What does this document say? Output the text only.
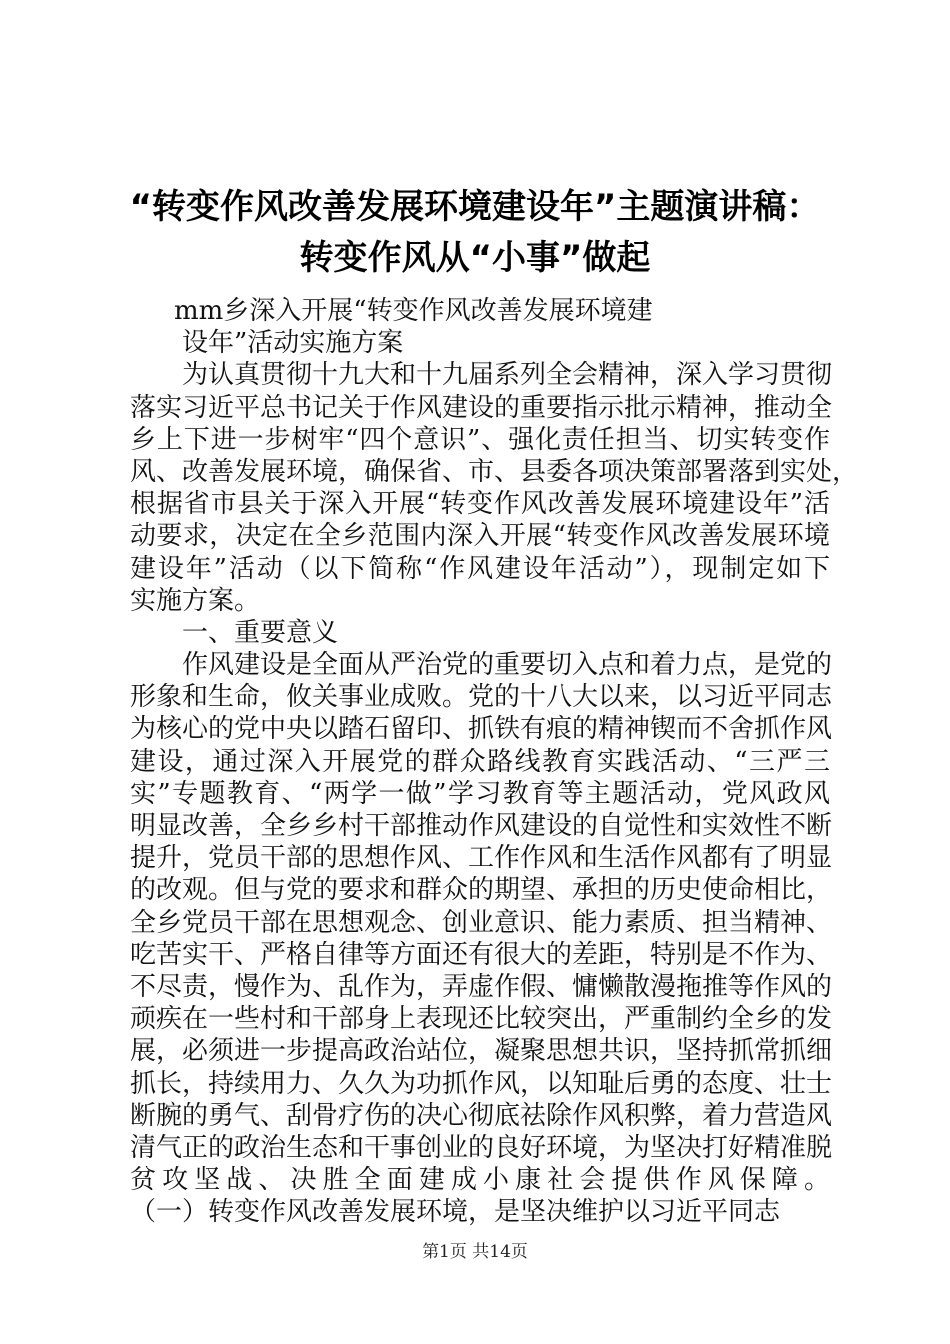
“转变作风改善发展环境建设年”主题演讲稿：
转变作风从“小事”做起
mm乡深入开展“转变作风改善发展环境建
设年”活动实施方案
为认真贯彻十九大和十九届系列全会精神，深入学习贯彻
落实习近平总书记关于作风建设的重要指示批示精神，推动全
乡上下进一步树牢“四个意识”、强化责任担当、切实转变作
风、改善发展环境，确保省、市、县委各项决策部署落到实处，
根据省市县关于深入开展“转变作风改善发展环境建设年”活
动要求，决定在全乡范围内深入开展“转变作风改善发展环境
建设年”活动（以下简称“作风建设年活动”），现制定如下
实施方案。
一、重要意义
作风建设是全面从严治党的重要切入点和着力点，是党的
形象和生命，攸关事业成败。党的十八大以来，以习近平同志
为核心的党中央以踏石留印、抓铁有痕的精神锲而不舍抓作风
建设，通过深入开展党的群众路线教育实践活动、“三严三
实”专题教育、“两学一做”学习教育等主题活动，党风政风
明显改善，全乡乡村干部推动作风建设的自觉性和实效性不断
提升，党员干部的思想作风、工作作风和生活作风都有了明显
的改观。但与党的要求和群众的期望、承担的历史使命相比，
全乡党员干部在思想观念、创业意识、能力素质、担当精神、
吃苦实干、严格自律等方面还有很大的差距，特别是不作为、
不尽责，慢作为、乱作为，弄虚作假、慵懒散漫拖推等作风的
顽疾在一些村和干部身上表现还比较突出，严重制约全乡的发
展，必须进一步提高政治站位，凝聚思想共识，坚持抓常抓细
抓长，持续用力、久久为功抓作风，以知耻后勇的态度、壮士
断腕的勇气、刮骨疗伤的决心彻底祛除作风积弊，着力营造风
清气正的政治生态和干事创业的良好环境，为坚决打好精准脱
贫攻坚战、决胜全面建成小康社会提供作风保障。
（一）转变作风改善发展环境，是坚决维护以习近平同志
第1页 共14页
